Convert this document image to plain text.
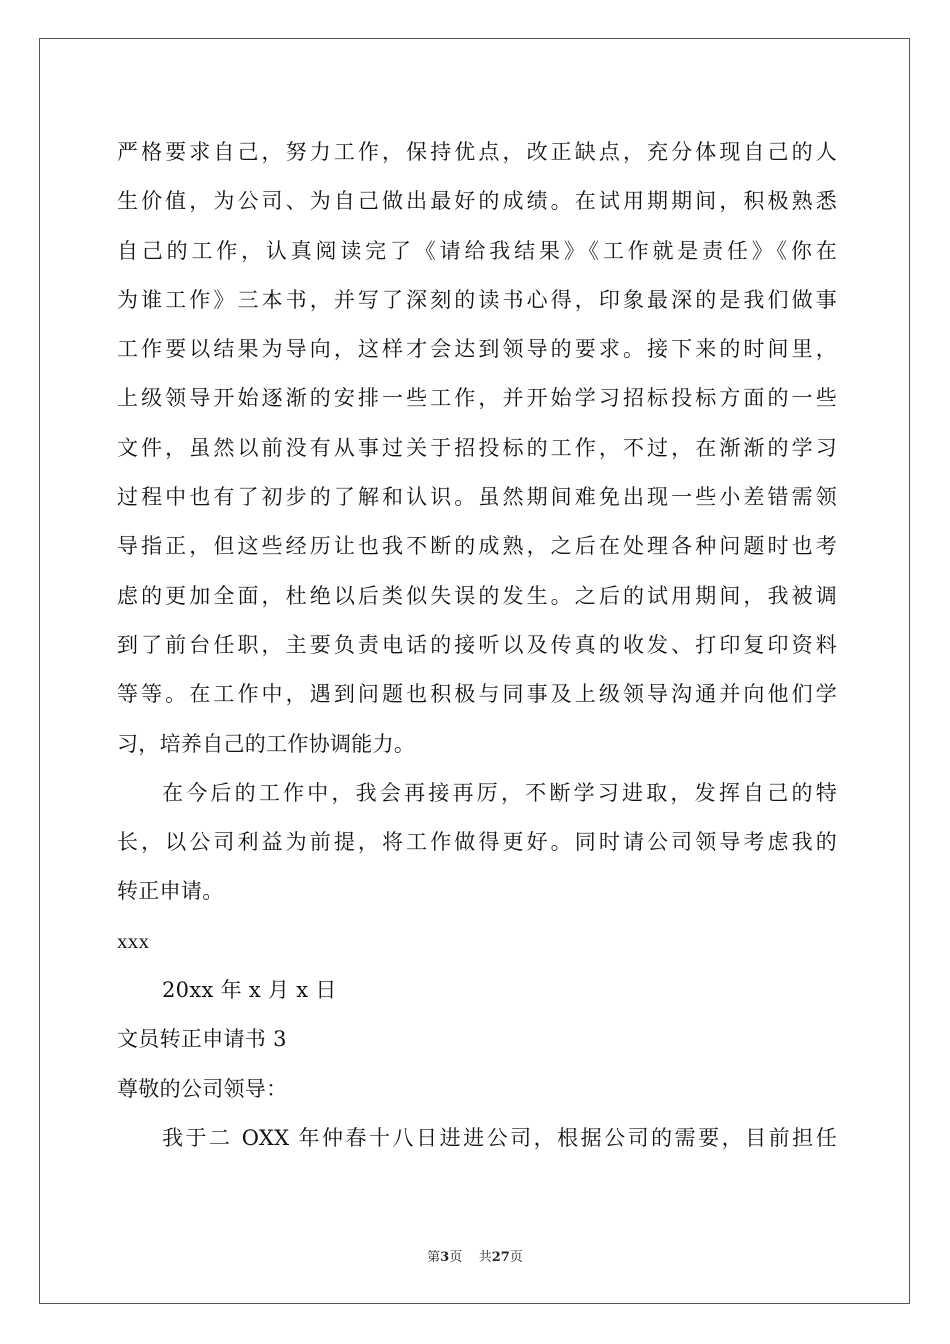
严格要求自己，努力工作，保持优点，改正缺点，充分体现自己的人
生价值，为公司、为自己做出最好的成绩。在试用期期间，积极熟悉
自己的工作，认真阅读完了《请给我结果》《工作就是责任》《你在
为谁工作》三本书，并写了深刻的读书心得，印象最深的是我们做事
工作要以结果为导向，这样才会达到领导的要求。接下来的时间里，
上级领导开始逐渐的安排一些工作，并开始学习招标投标方面的一些
文件，虽然以前没有从事过关于招投标的工作，不过，在渐渐的学习
过程中也有了初步的了解和认识。虽然期间难免出现一些小差错需领
导指正，但这些经历让也我不断的成熟，之后在处理各种问题时也考
虑的更加全面，杜绝以后类似失误的发生。之后的试用期间，我被调
到了前台任职，主要负责电话的接听以及传真的收发、打印复印资料
等等。在工作中，遇到问题也积极与同事及上级领导沟通并向他们学
习，培养自己的工作协调能力。
在今后的工作中，我会再接再厉，不断学习进取，发挥自己的特
长，以公司利益为前提，将工作做得更好。同时请公司领导考虑我的
转正申请。
xxx
20xx 年 x 月 x 日
文员转正申请书 3
尊敬的公司领导：
我于二 OXX 年仲春十八日进进公司，根据公司的需要，目前担任
第3页 共27页
